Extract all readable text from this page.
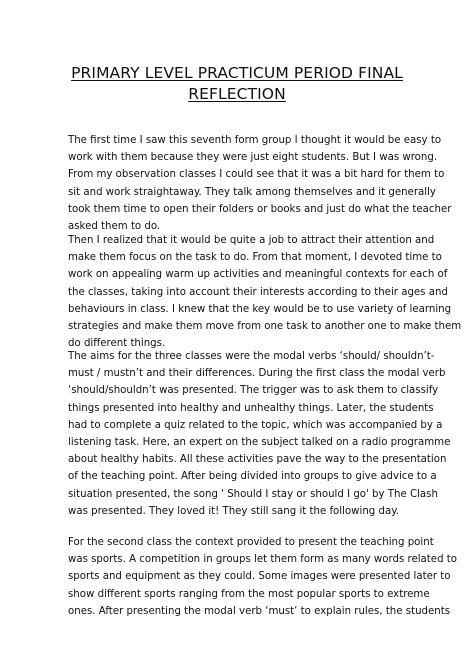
PRIMARY LEVEL PRACTICUM PERIOD FINAL
REFLECTION
The first time I saw this seventh form group I thought it would be easy to
work with them because they were just eight students. But I was wrong.
From my observation classes I could see that it was a bit hard for them to
sit and work straightaway. They talk among themselves and it generally
took them time to open their folders or books and just do what the teacher
asked them to do.
Then I realized that it would be quite a job to attract their attention and
make them focus on the task to do. From that moment, I devoted time to
work on appealing warm up activities and meaningful contexts for each of
the classes, taking into account their interests according to their ages and
behaviours in class. I knew that the key would be to use variety of learning
strategies and make them move from one task to another one to make them
do different things.
The aims for the three classes were the modal verbs ‘should/ shouldn’t-
must / mustn’t and their differences. During the first class the modal verb
‘should/shouldn’t was presented. The trigger was to ask them to classify
things presented into healthy and unhealthy things. Later, the students
had to complete a quiz related to the topic, which was accompanied by a
listening task. Here, an expert on the subject talked on a radio programme
about healthy habits. All these activities pave the way to the presentation
of the teaching point. After being divided into groups to give advice to a
situation presented, the song ' Should I stay or should I go' by The Clash
was presented. They loved it! They still sang it the following day.
For the second class the context provided to present the teaching point
was sports. A competition in groups let them form as many words related to
sports and equipment as they could. Some images were presented later to
show different sports ranging from the most popular sports to extreme
ones. After presenting the modal verb ‘must’ to explain rules, the students
